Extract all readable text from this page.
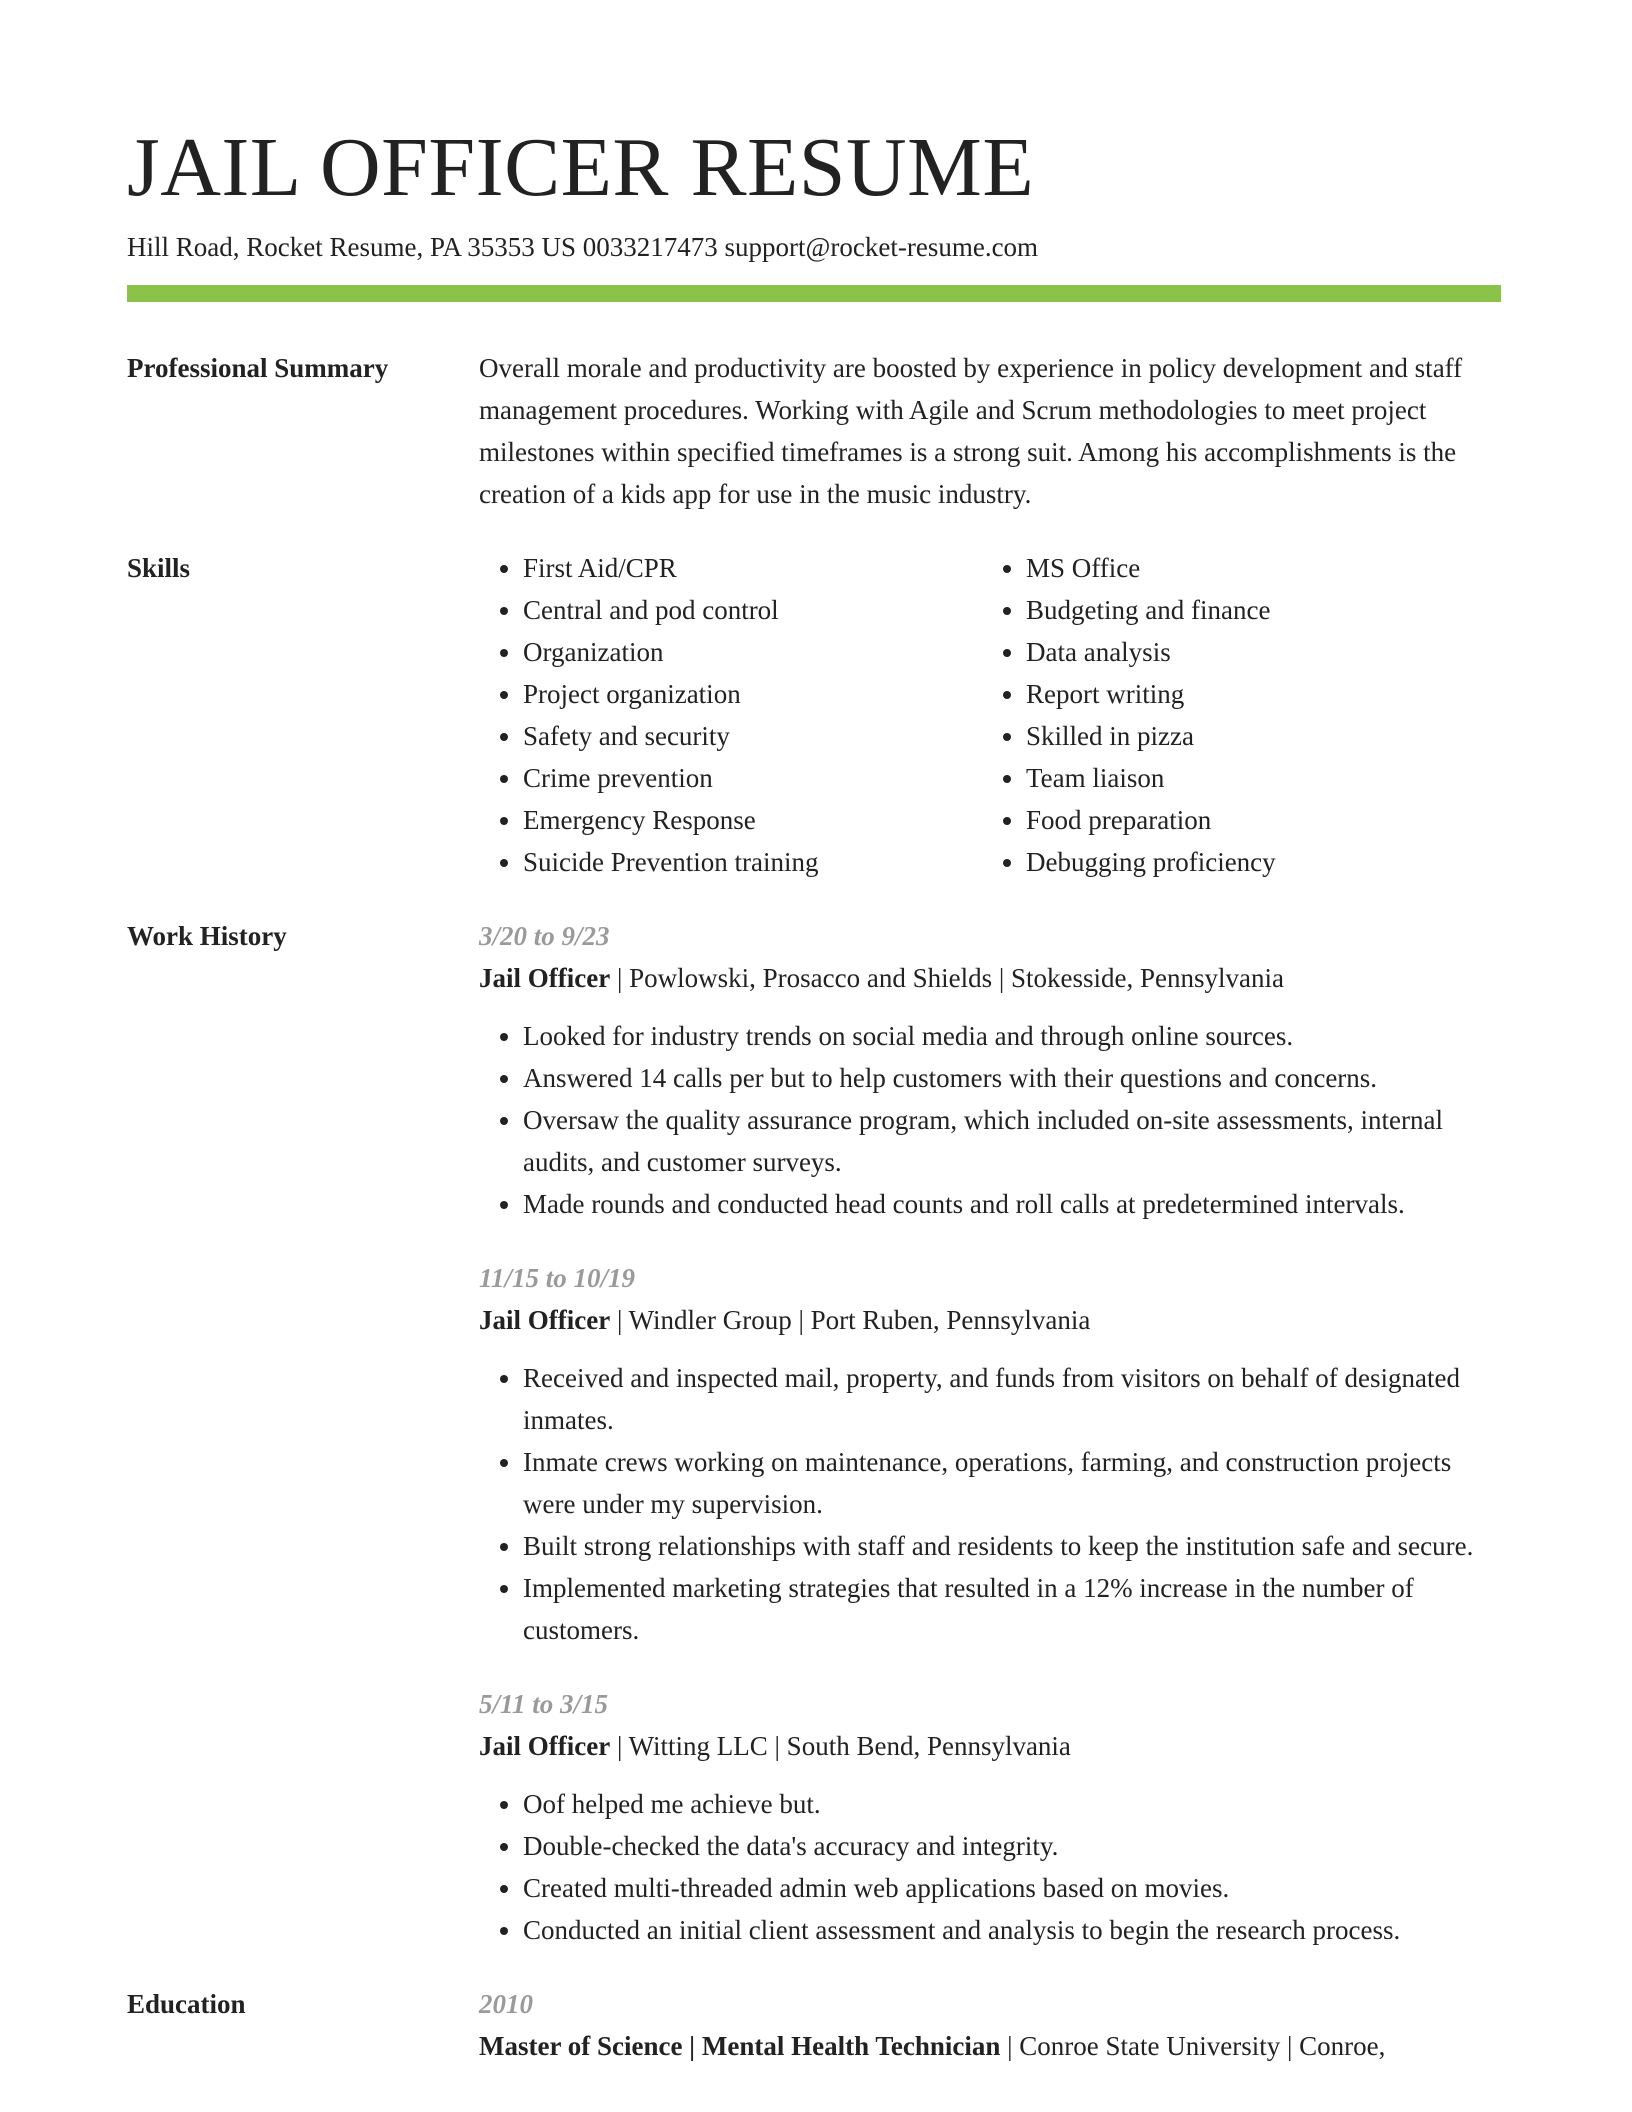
JAIL OFFICER RESUME
Hill Road, Rocket Resume, PA 35353 US 0033217473 support@rocket-resume.com
Professional Summary	Overall morale and productivity are boosted by experience in policy development and staff management procedures. Working with Agile and Scrum methodologies to meet project milestones within specified timeframes is a strong suit. Among his accomplishments is the creation of a kids app for use in the music industry.

Skills
•	First Aid/CPR
• Central and pod control
• Organization
• Project organization
• Safety and security
• Crime prevention
• Emergency Response
• Suicide Prevention training
• MS Office
• Budgeting and finance
• Data analysis
• Report writing
• Skilled in pizza
• Team liaison
• Food preparation
• Debugging proficiency
Work History	3/20 to 9/23
Jail Officer | Powlowski, Prosacco and Shields | Stokesside, Pennsylvania
• Looked for industry trends on social media and through online sources.
• Answered 14 calls per but to help customers with their questions and concerns.
• Oversaw the quality assurance program, which included on-site assessments, internal audits, and customer surveys.
• Made rounds and conducted head counts and roll calls at predetermined intervals.
11/15 to 10/19
Jail Officer | Windler Group | Port Ruben, Pennsylvania
• Received and inspected mail, property, and funds from visitors on behalf of designated inmates.
• Inmate crews working on maintenance, operations, farming, and construction projects were under my supervision.
• Built strong relationships with staff and residents to keep the institution safe and secure.
• Implemented marketing strategies that resulted in a 12% increase in the number of customers.
5/11 to 3/15
Jail Officer | Witting LLC | South Bend, Pennsylvania
• Oof helped me achieve but.
• Double-checked the data's accuracy and integrity.
• Created multi-threaded admin web applications based on movies.
• Conducted an initial client assessment and analysis to begin the research process.
Education	2010
Master of Science | Mental Health Technician | Conroe State University | Conroe,
